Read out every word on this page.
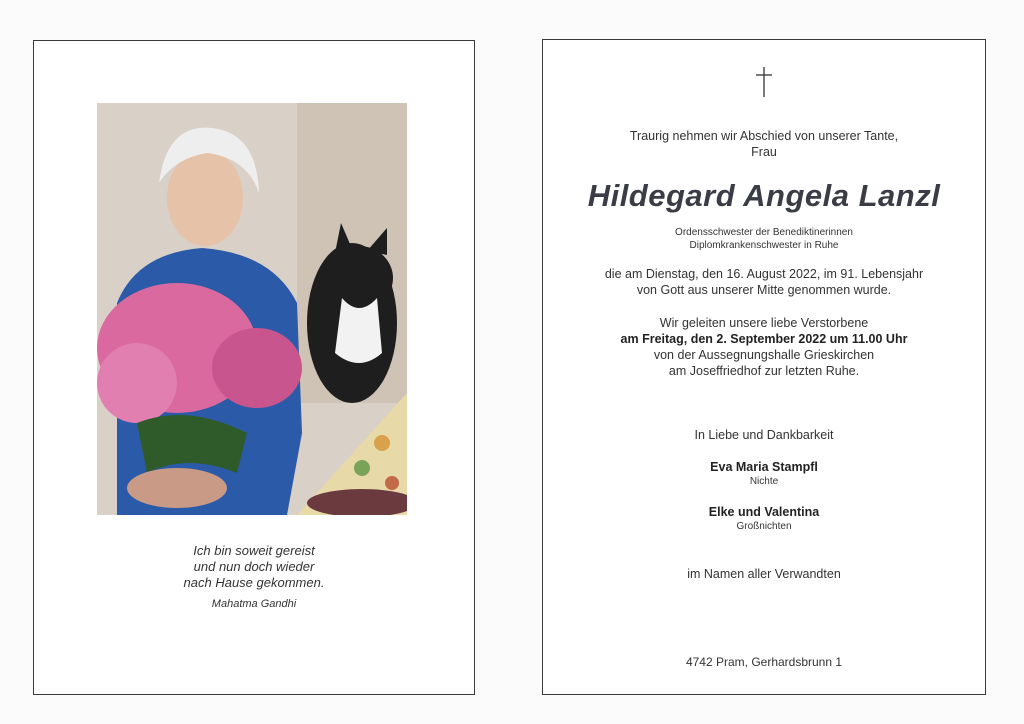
Ich bin soweit gereist
und nun doch wieder
nach Hause gekommen.
Mahatma Gandhi
Traurig nehmen wir Abschied von unserer Tante,
Frau
Hildegard Angela Lanzl
Ordensschwester der Benediktinerinnen
Diplomkrankenschwester in Ruhe
die am Dienstag, den 16. August 2022, im 91. Lebensjahr
von Gott aus unserer Mitte genommen wurde.
Wir geleiten unsere liebe Verstorbene
am Freitag, den 2. September 2022 um 11.00 Uhr
von der Aussegnungshalle Grieskirchen
am Joseffriedhof zur letzten Ruhe.
In Liebe und Dankbarkeit
Eva Maria Stampfl
Nichte
Elke und Valentina
Großnichten
im Namen aller Verwandten
4742 Pram, Gerhardsbrunn 1
